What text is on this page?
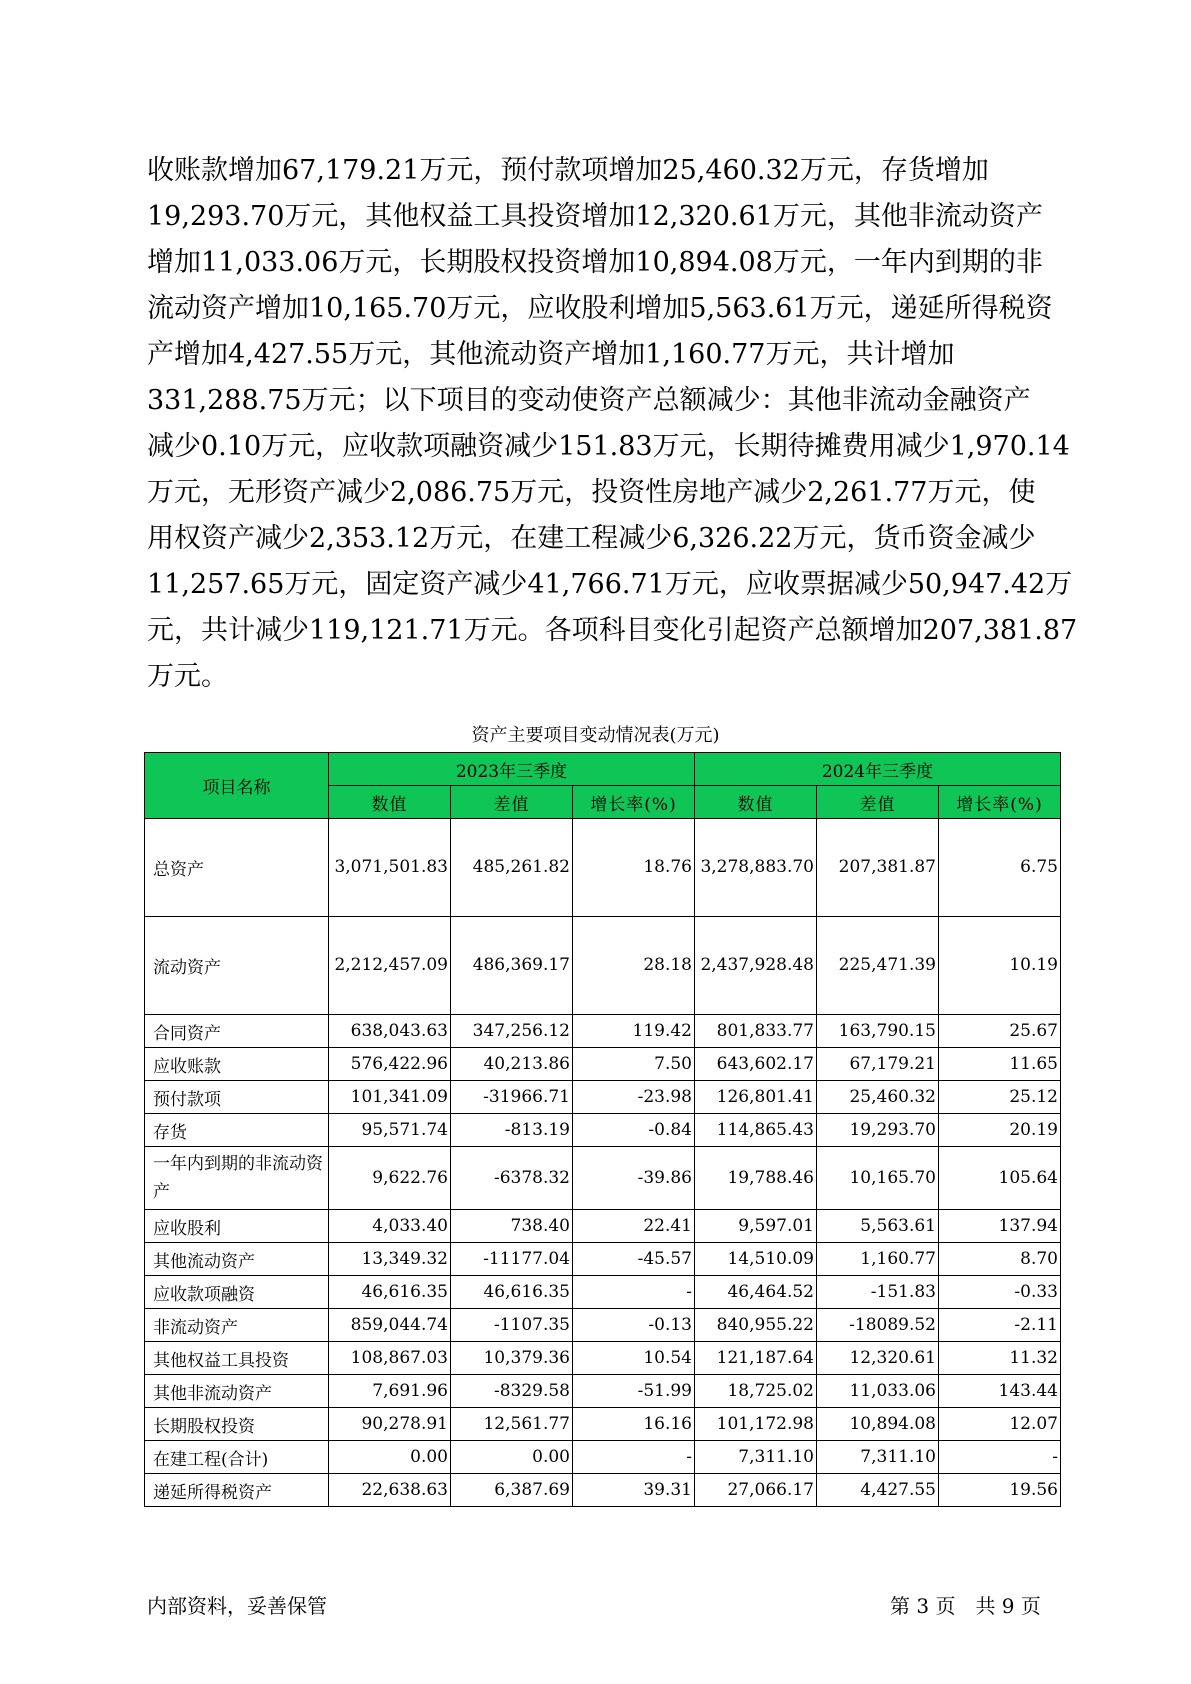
收账款增加67,179.21万元，预付款项增加25,460.32万元，存货增加
19,293.70万元，其他权益工具投资增加12,320.61万元，其他非流动资产
增加11,033.06万元，长期股权投资增加10,894.08万元，一年内到期的非
流动资产增加10,165.70万元，应收股利增加5,563.61万元，递延所得税资
产增加4,427.55万元，其他流动资产增加1,160.77万元，共计增加
331,288.75万元；以下项目的变动使资产总额减少：其他非流动金融资产
减少0.10万元，应收款项融资减少151.83万元，长期待摊费用减少1,970.14
万元，无形资产减少2,086.75万元，投资性房地产减少2,261.77万元，使
用权资产减少2,353.12万元，在建工程减少6,326.22万元，货币资金减少
11,257.65万元，固定资产减少41,766.71万元，应收票据减少50,947.42万
元，共计减少119,121.71万元。各项科目变化引起资产总额增加207,381.87
万元。
资产主要项目变动情况表(万元)
项目名称	2023年三季度			2024年三季度		
	数值	差值	增长率(%)	数值	差值	增长率(%)
总资产	3,071,501.83	485,261.82	18.76	3,278,883.70	207,381.87	6.75
流动资产	2,212,457.09	486,369.17	28.18	2,437,928.48	225,471.39	10.19
合同资产	638,043.63	347,256.12	119.42	801,833.77	163,790.15	25.67
应收账款	576,422.96	40,213.86	7.50	643,602.17	67,179.21	11.65
预付款项	101,341.09	-31966.71	-23.98	126,801.41	25,460.32	25.12
存货	95,571.74	-813.19	-0.84	114,865.43	19,293.70	20.19
一年内到期的非流动资产	9,622.76	-6378.32	-39.86	19,788.46	10,165.70	105.64
应收股利	4,033.40	738.40	22.41	9,597.01	5,563.61	137.94
其他流动资产	13,349.32	-11177.04	-45.57	14,510.09	1,160.77	8.70
应收款项融资	46,616.35	46,616.35	-	46,464.52	-151.83	-0.33
非流动资产	859,044.74	-1107.35	-0.13	840,955.22	-18089.52	-2.11
其他权益工具投资	108,867.03	10,379.36	10.54	121,187.64	12,320.61	11.32
其他非流动资产	7,691.96	-8329.58	-51.99	18,725.02	11,033.06	143.44
长期股权投资	90,278.91	12,561.77	16.16	101,172.98	10,894.08	12.07
在建工程(合计)	0.00	0.00	-	7,311.10	7,311.10	-
递延所得税资产	22,638.63	6,387.69	39.31	27,066.17	4,427.55	19.56
内部资料，妥善保管	第 3 页　共 9 页
